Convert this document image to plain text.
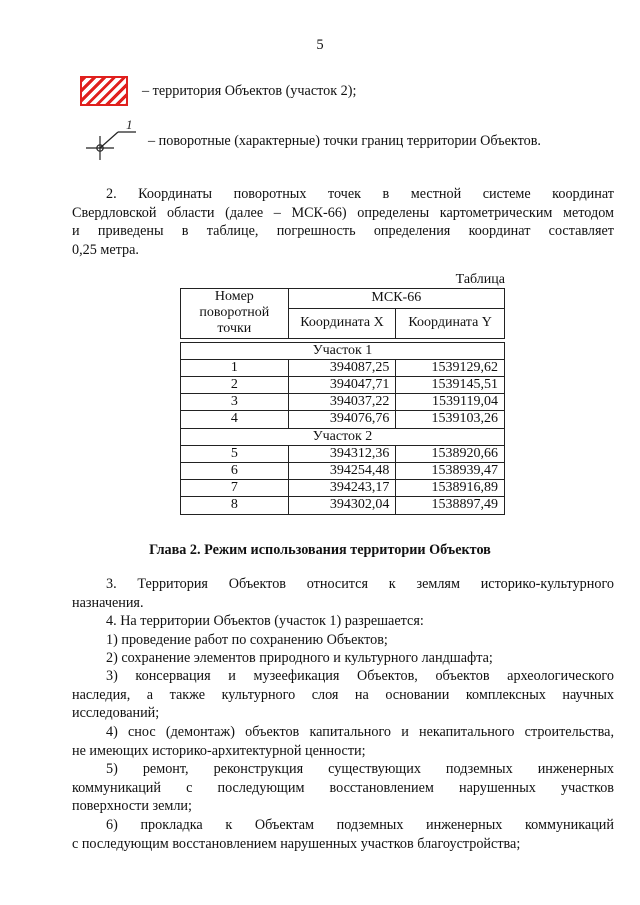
5
– территория Объектов (участок 2);
1
– поворотные (характерные) точки границ территории Объектов.
2. Координаты поворотных точек в местной системе координат
Свердловской области (далее – МСК-66) определены картометрическим методом
и приведены в таблице, погрешность определения координат составляет
0,25 метра.
Таблица
Номер поворотной точки	МСК-66	
	Координата X	Координата Y

Участок 1		
1	394087,25	1539129,62
2	394047,71	1539145,51
3	394037,22	1539119,04
4	394076,76	1539103,26
Участок 2		
5	394312,36	1538920,66
6	394254,48	1538939,47
7	394243,17	1538916,89
8	394302,04	1538897,49
Глава 2. Режим использования территории Объектов
3. Территория Объектов относится к землям историко-культурного
назначения.
4. На территории Объектов (участок 1) разрешается:
1) проведение работ по сохранению Объектов;
2) сохранение элементов природного и культурного ландшафта;
3) консервация и музеефикация Объектов, объектов археологического
наследия, а также культурного слоя на основании комплексных научных
исследований;
4) снос (демонтаж) объектов капитального и некапитального строительства,
не имеющих историко-архитектурной ценности;
5) ремонт, реконструкция существующих подземных инженерных
коммуникаций с последующим восстановлением нарушенных участков
поверхности земли;
6) прокладка к Объектам подземных инженерных коммуникаций
с последующим восстановлением нарушенных участков благоустройства;
